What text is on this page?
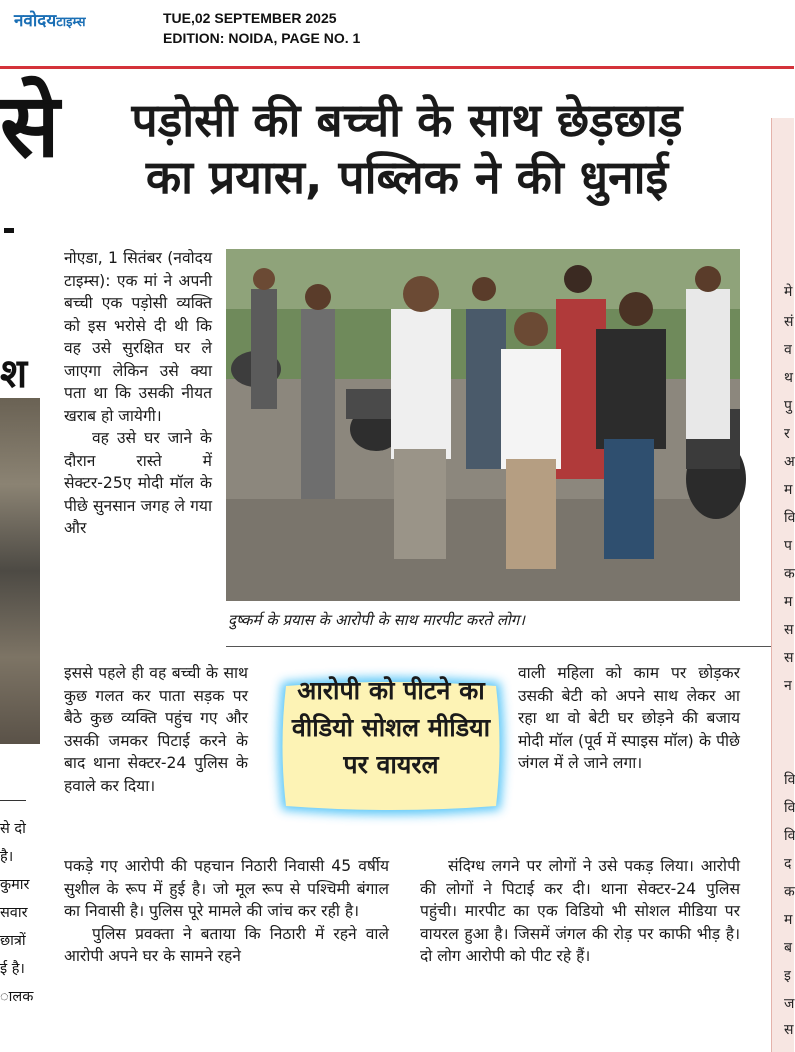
नवोदयटाइम्स	TUE,02 SEPTEMBER 2025
EDITION: NOIDA, PAGE NO. 1
से
श
से दो
है।
कुमार
सवार
छात्रों
ई है।
ालक
पड़ोसी की बच्ची के साथ छेड़छाड़
का प्रयास, पब्लिक ने की धुनाई

नोएडा, 1 सितंबर (नवोदय टाइम्स): एक मां ने अपनी बच्ची एक पड़ोसी व्यक्ति को इस भरोसे दी थी कि वह उसे सुरक्षित घर ले जाएगा लेकिन उसे क्या पता था कि उसकी नीयत खराब हो जायेगी।

वह उसे घर जाने के दौरान रास्ते में सेक्टर-25ए मोदी मॉल के पीछे सुनसान जगह ले गया और

दुष्कर्म के प्रयास के आरोपी के साथ मारपीट करते लोग।

इससे पहले ही वह बच्ची के साथ कुछ गलत कर पाता सड़क पर बैठे कुछ व्यक्ति पहुंच गए और उसकी जमकर पिटाई करने के बाद थाना सेक्टर-24 पुलिस के हवाले कर दिया।

आरोपी को पीटने का वीडियो सोशल मीडिया पर वायरल

वाली महिला को काम पर छोड़कर उसकी बेटी को अपने साथ लेकर आ रहा था वो बेटी घर छोड़ने की बजाय मोदी मॉल (पूर्व में स्पाइस मॉल) के पीछे जंगल में ले जाने लगा।

पकड़े गए आरोपी की पहचान निठारी निवासी 45 वर्षीय सुशील के रूप में हुई है। जो मूल रूप से पश्चिमी बंगाल का निवासी है। पुलिस पूरे मामले की जांच कर रही है।

पुलिस प्रवक्ता ने बताया कि निठारी में रहने वाले आरोपी अपने घर के सामने रहने

संदिग्ध लगने पर लोगों ने उसे पकड़ लिया। आरोपी की लोगों ने पिटाई कर दी। थाना सेक्टर-24 पुलिस पहुंची। मारपीट का एक विडियो भी सोशल मीडिया पर वायरल हुआ है। जिसमें जंगल की रोड़ पर काफी भीड़ है। दो लोग आरोपी को पीट रहे हैं।

मे
सं
व
थ
पु
र
अ
म
वि
प
क
म
स
स
न
वि
वि
वि
द
क
म
ब
इ
ज
स
